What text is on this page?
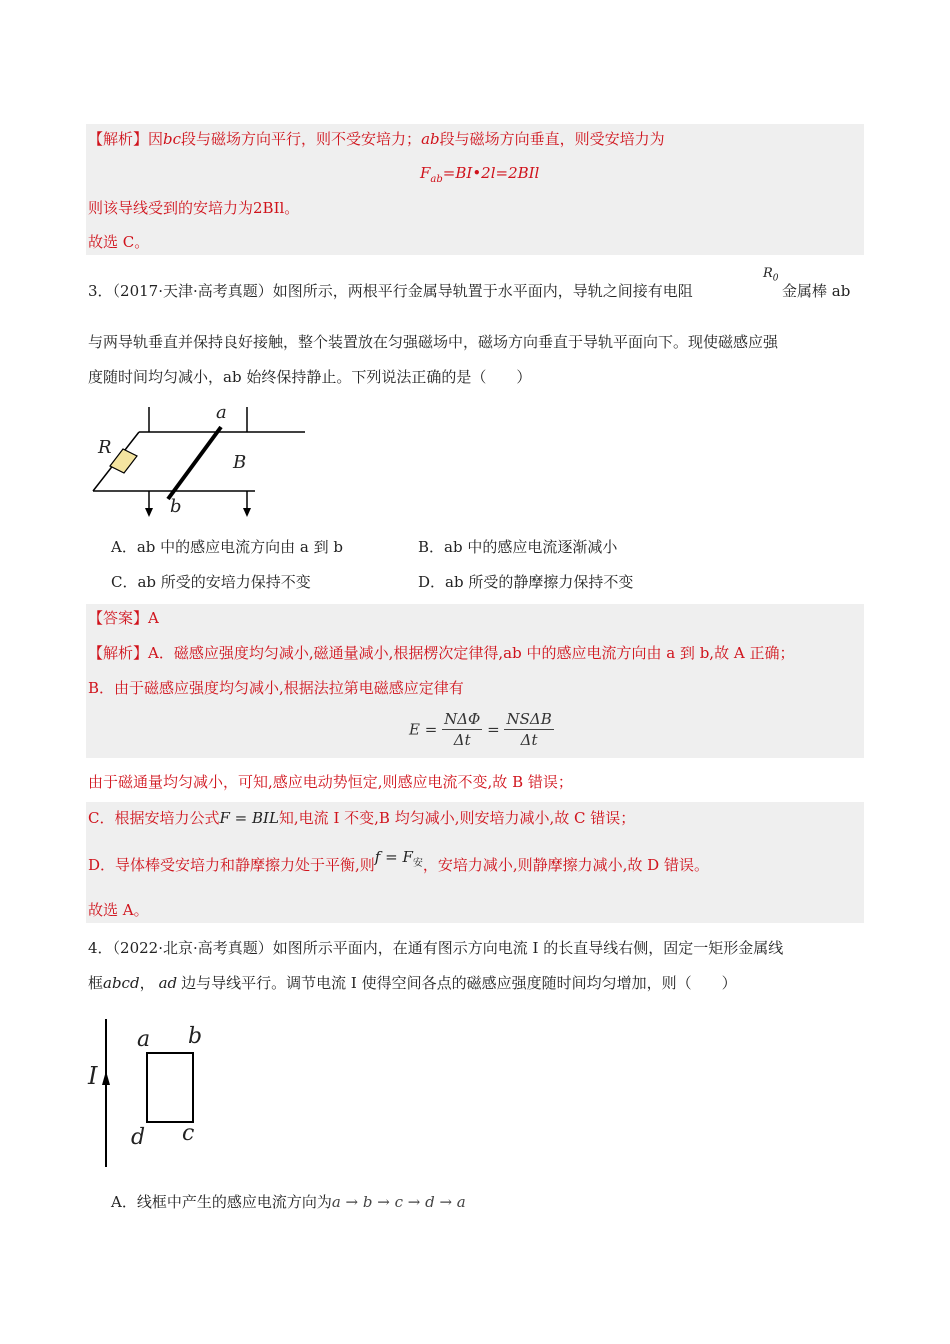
【解析】因bc段与磁场方向平行，则不受安培力；ab段与磁场方向垂直，则受安培力为
$F_{ab}=BI•2l=2BIl$
则该导线受到的安培力为2BIl。
故选 C。
3．（2017·天津·高考真题）如图所示，两根平行金属导轨置于水平面内，导轨之间接有电阻
$R_0$
金属棒 ab
与两导轨垂直并保持良好接触，整个装置放在匀强磁场中，磁场方向垂直于导轨平面向下。现使磁感应强
度随时间均匀减小，ab 始终保持静止。下列说法正确的是（　　）
a
b
R
B
A．ab 中的感应电流方向由 a 到 b	B．ab 中的感应电流逐渐减小
C．ab 所受的安培力保持不变	D．ab 所受的静摩擦力保持不变
【答案】A
【解析】A．磁感应强度均匀减小,磁通量减小,根据楞次定律得,ab 中的感应电流方向由 a 到 b,故 A 正确；
B．由于磁感应强度均匀减小,根据法拉第电磁感应定律有
$E = \frac{\text{NΔΦ}}{\Delta t} = \frac{\text{NSΔB}}{\Delta t}$
由于磁通量均匀减小，可知,感应电动势恒定,则感应电流不变,故 B 错误；
C．根据安培力公式F = BIL知,电流 I 不变,B 均匀减小,则安培力减小,故 C 错误；
D．导体棒受安培力和静摩擦力处于平衡,则$f = F_安$，安培力减小,则静摩擦力减小,故 D 错误。
故选 A。
4．（2022·北京·高考真题）如图所示平面内，在通有图示方向电流 I 的长直导线右侧，固定一矩形金属线
框abcd， ad 边与导线平行。调节电流 I 使得空间各点的磁感应强度随时间均匀增加，则（　　）
I
a b
c
d
A．线框中产生的感应电流方向为a → b → c → d → a
